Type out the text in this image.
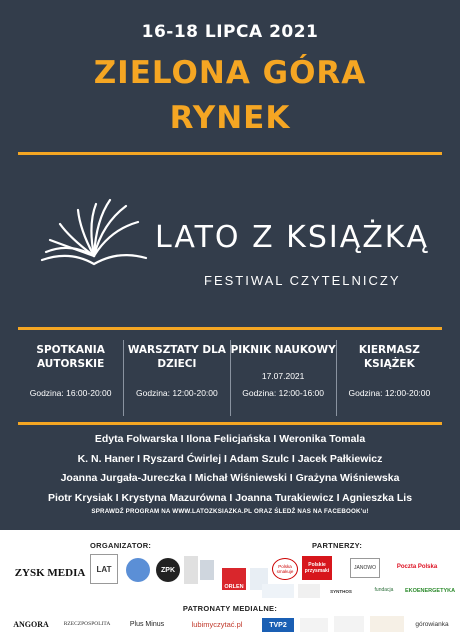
16-18 LIPCA 2021
ZIELONA GÓRA
RYNEK
LATO Z KSIĄŻKĄ
FESTIWAL CZYTELNICZY
SPOTKANIA
AUTORSKIE
Godzina: 16:00-20:00
WARSZTATY DLA
DZIECI
Godzina: 12:00-20:00
PIKNIK NAUKOWY
17.07.2021
Godzina: 12:00-16:00
KIERMASZ
KSIĄŻEK
Godzina: 12:00-20:00
Edyta Folwarska I Ilona Felicjańska I Weronika Tomala
K. N. Haner I Ryszard Ćwirlej I Adam Szulc I Jacek Pałkiewicz
Joanna Jurgała-Jureczka I Michał Wiśniewski I Grażyna Wiśniewska
Piotr Krysiak I Krystyna Mazurówna I Joanna Turakiewicz I Agnieszka Lis
SPRAWDŹ PROGRAM NA WWW.LATOZKSIAZKA.PL ORAZ ŚLEDŹ NAS NA FACEBOOK'u!
ORGANIZATOR:	PARTNERZY:
ZYSK MEDIA	LAT	ZPK
ORLEN
Polska smakuje
Polskie przysmaki	JANOWO	Poczta Polska
SYNTHOS	fundacja	EKOENERGETYKA
PATRONATY MEDIALNE:
ANGORA	RZECZPOSPOLITA	Plus Minus	lubimyczytać.pl	TVP2	górowianka
